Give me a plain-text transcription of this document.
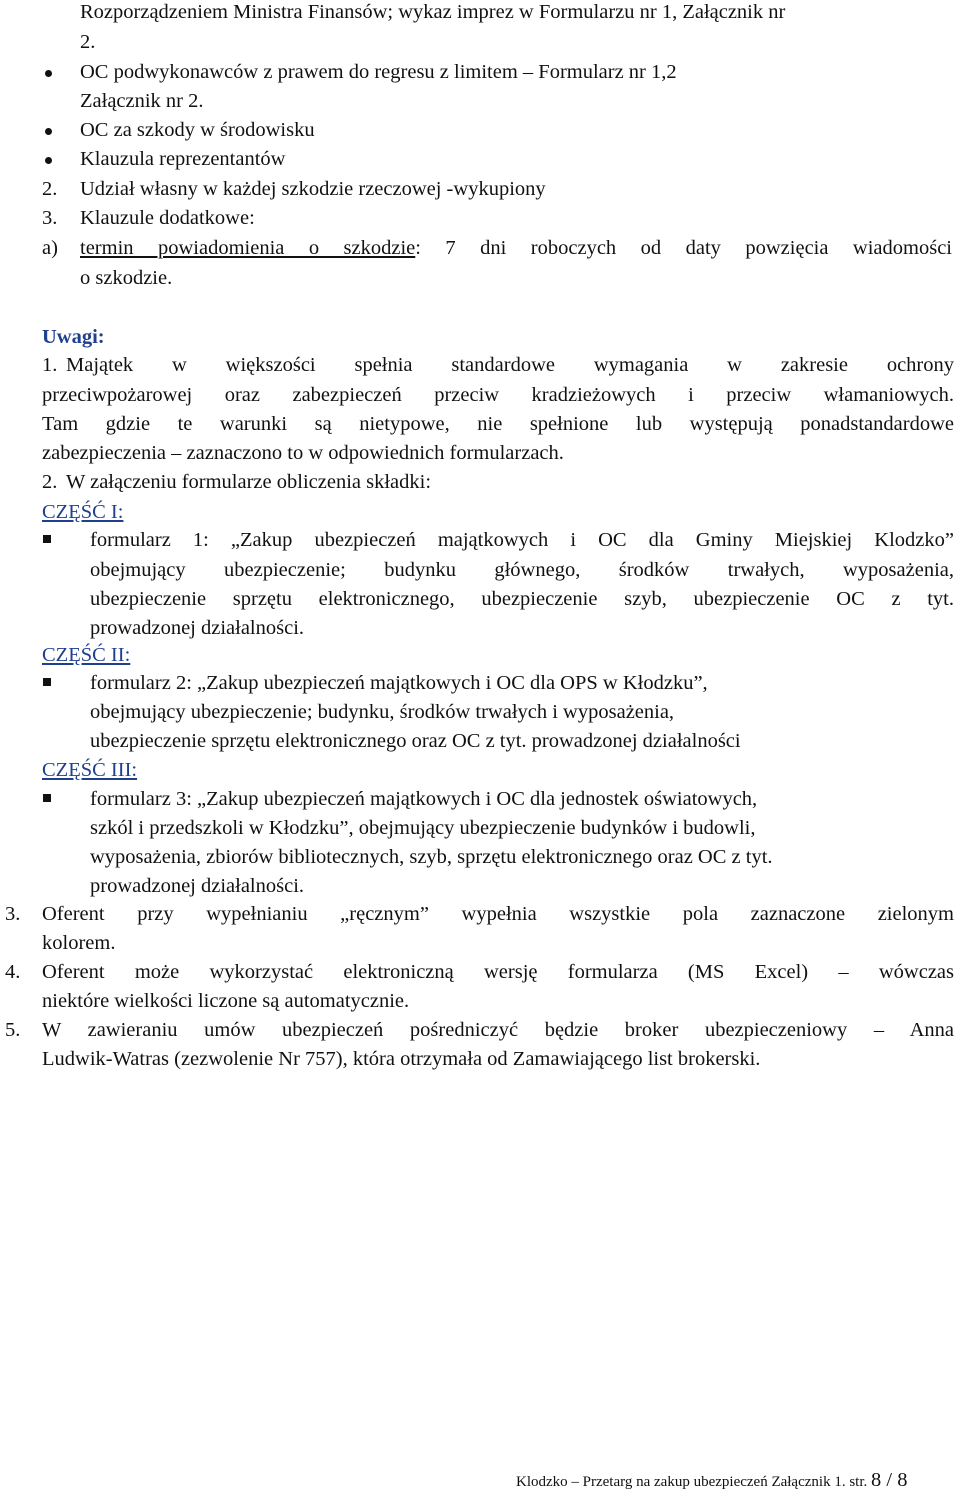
Rozporządzeniem Ministra Finansów; wykaz imprez w Formularzu nr 1, Załącznik nr
2.
OC podwykonawców z prawem do regresu z limitem – Formularz nr 1,2
Załącznik nr 2.
OC za szkody w środowisku
Klauzula reprezentantów
2. Udział własny w każdej szkodzie rzeczowej -wykupiony
3. Klauzule dodatkowe:
a) termin powiadomienia o szkodzie: 7 dni roboczych od daty powzięcia wiadomości
o szkodzie.
Uwagi:
1. Majątek w większości spełnia standardowe wymagania w zakresie ochrony
przeciwpożarowej oraz zabezpieczeń przeciw kradzieżowych i przeciw włamaniowych.
Tam gdzie te warunki są nietypowe, nie spełnione lub występują ponadstandardowe
zabezpieczenia – zaznaczono to w odpowiednich formularzach.
2. W załączeniu formularze obliczenia składki:
CZĘŚĆ I:
formularz 1: „Zakup ubezpieczeń majątkowych i OC dla Gminy Miejskiej Klodzko”
obejmujący ubezpieczenie; budynku głównego, środków trwałych, wyposażenia,
ubezpieczenie sprzętu elektronicznego, ubezpieczenie szyb, ubezpieczenie OC z tyt.
prowadzonej działalności.
CZĘŚĆ II:
formularz 2: „Zakup ubezpieczeń majątkowych i OC dla OPS w Kłodzku”,
obejmujący ubezpieczenie; budynku, środków trwałych i wyposażenia,
ubezpieczenie sprzętu elektronicznego oraz OC z tyt. prowadzonej działalności
CZĘŚĆ III:
formularz 3: „Zakup ubezpieczeń majątkowych i OC dla jednostek oświatowych,
szkól i przedszkoli w Kłodzku”, obejmujący ubezpieczenie budynków i budowli,
wyposażenia, zbiorów bibliotecznych, szyb, sprzętu elektronicznego oraz OC z tyt.
prowadzonej działalności.
3. Oferent przy wypełnianiu „ręcznym” wypełnia wszystkie pola zaznaczone zielonym
kolorem.
4. Oferent może wykorzystać elektroniczną wersję formularza (MS Excel) – wówczas
niektóre wielkości liczone są automatycznie.
5. W zawieraniu umów ubezpieczeń pośredniczyć będzie broker ubezpieczeniowy – Anna
Ludwik-Watras (zezwolenie Nr 757), która otrzymała od Zamawiającego list brokerski.
Klodzko – Przetarg na zakup ubezpieczeń Załącznik 1. str. 8 / 8
